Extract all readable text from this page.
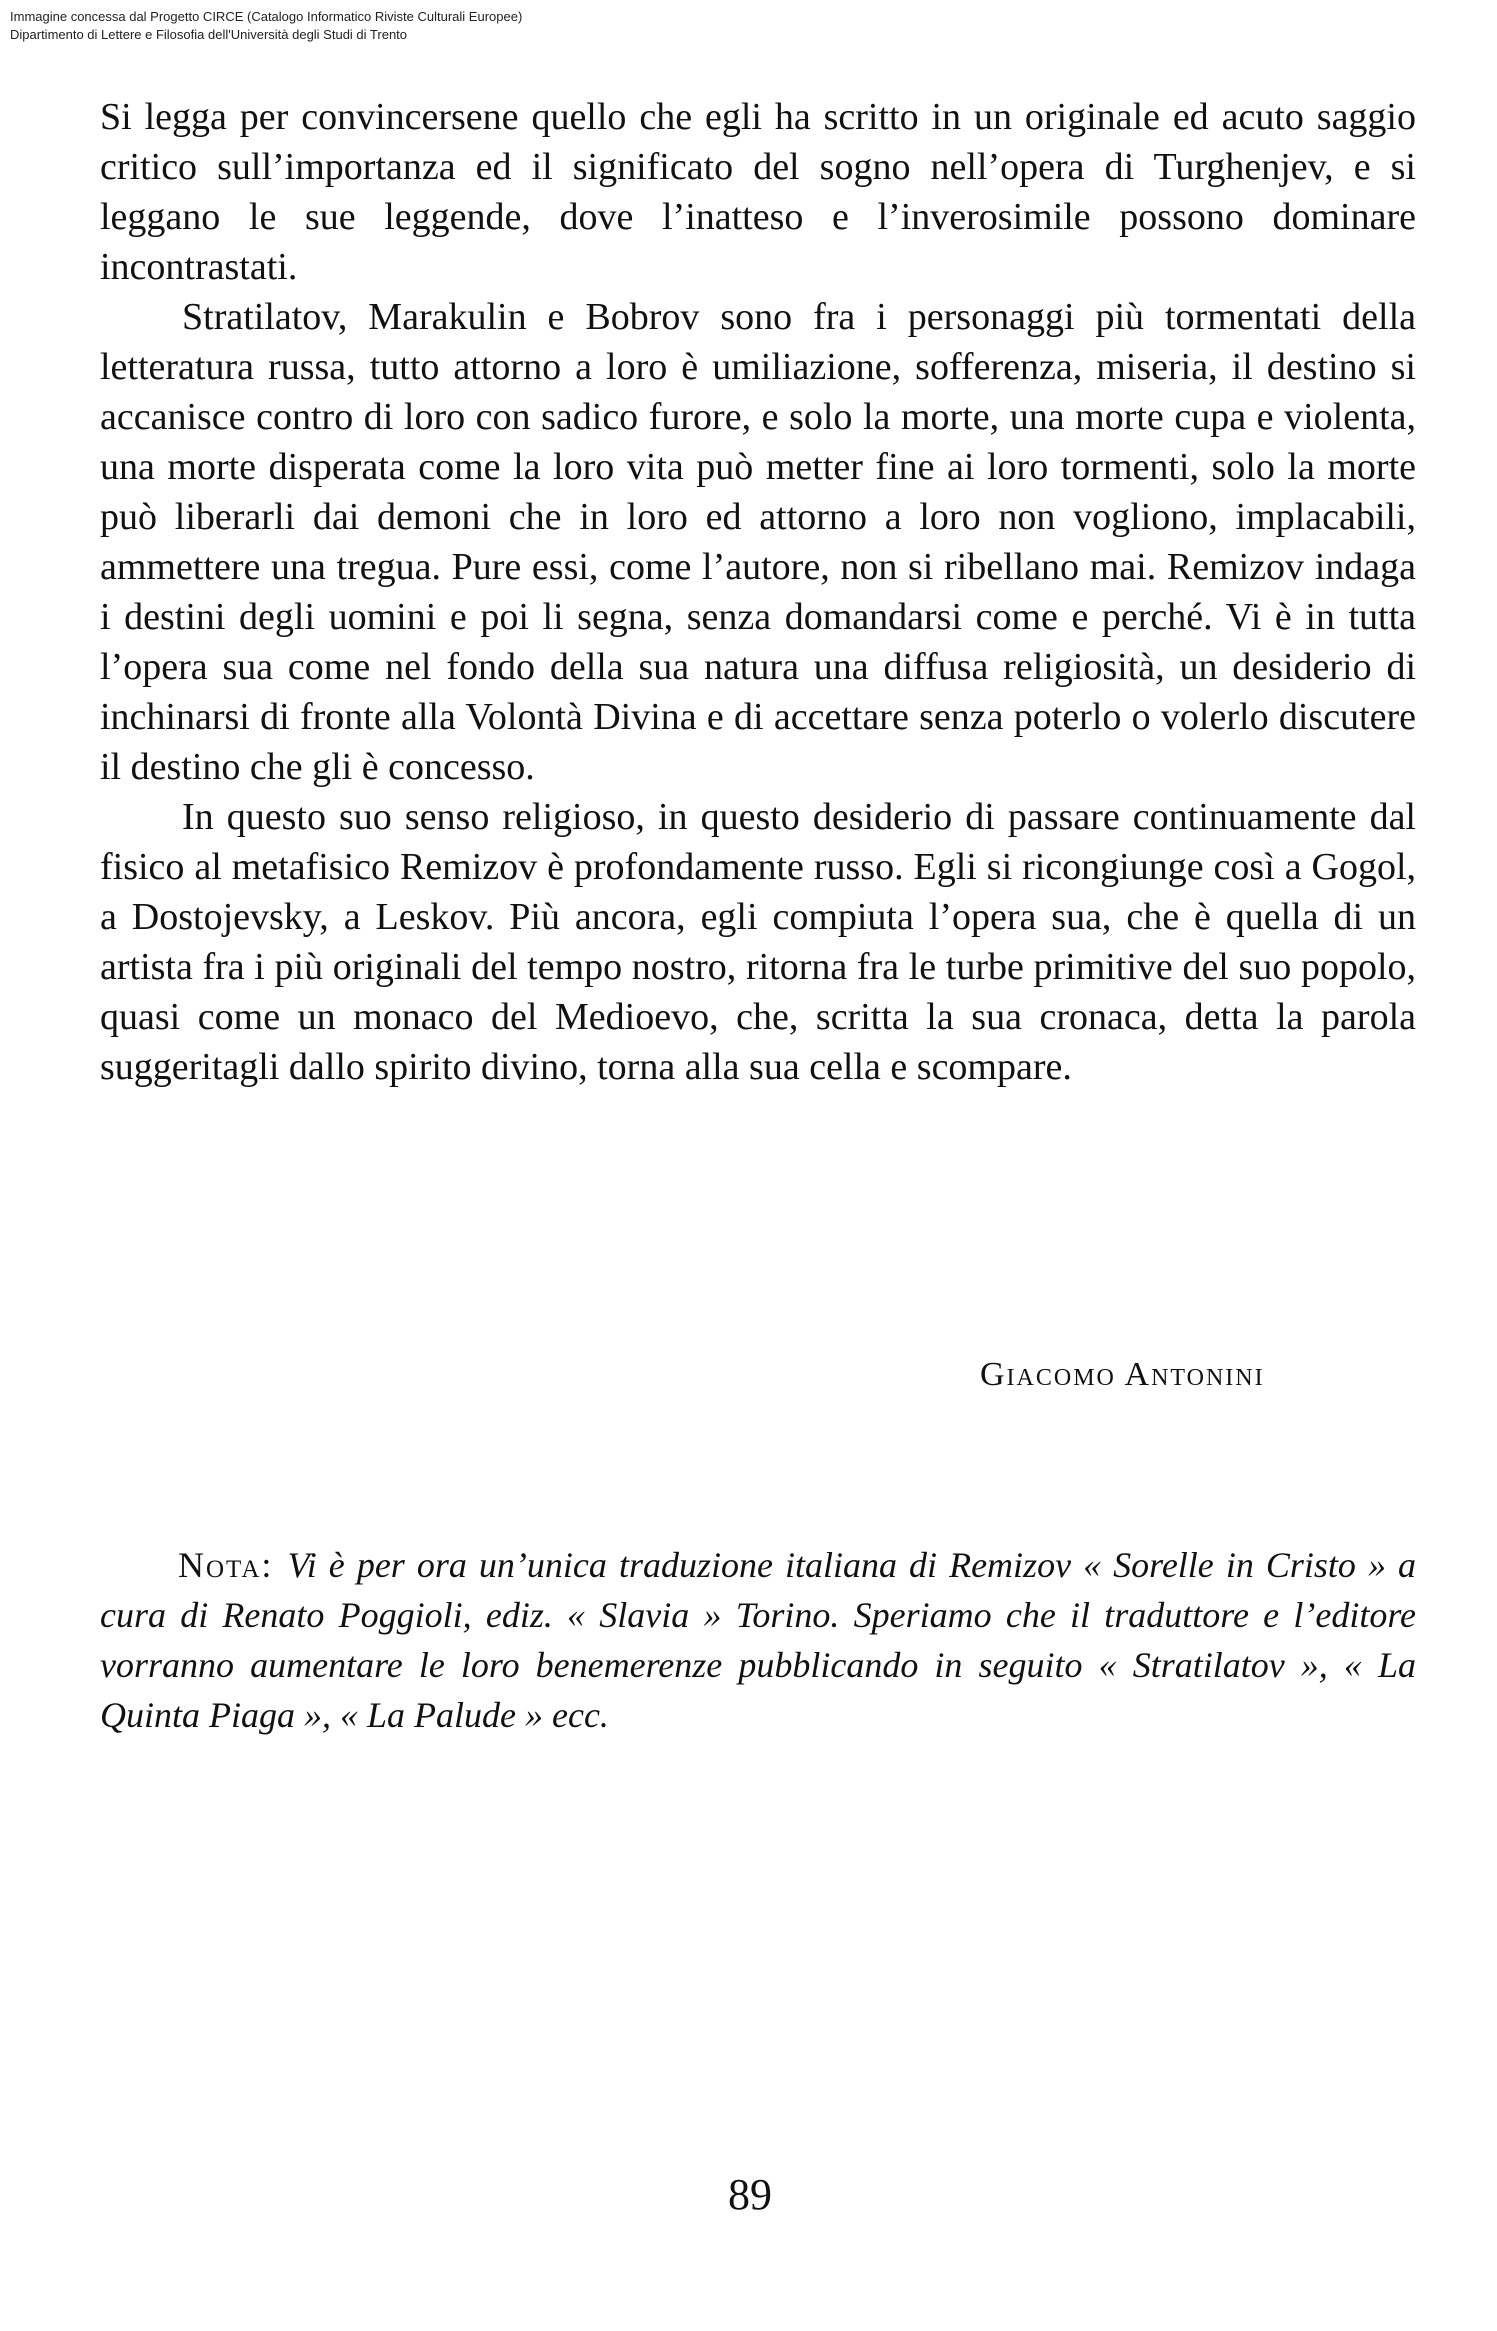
Immagine concessa dal Progetto CIRCE (Catalogo Informatico Riviste Culturali Europee)
Dipartimento di Lettere e Filosofia dell'Università degli Studi di Trento

Si legga per convincersene quello che egli ha scritto in un originale ed acuto saggio critico sull’importanza ed il significato del sogno nell’opera di Turghenjev, e si leggano le sue leggende, dove l’inatteso e l’inverosimile possono dominare incontrastati.

Stratilatov, Marakulin e Bobrov sono fra i personaggi più tormentati della letteratura russa, tutto attorno a loro è umiliazione, sofferenza, miseria, il destino si accanisce contro di loro con sadico furore, e solo la morte, una morte cupa e violenta, una morte disperata come la loro vita può metter fine ai loro tormenti, solo la morte può liberarli dai demoni che in loro ed attorno a loro non vogliono, implacabili, ammettere una tregua. Pure essi, come l’autore, non si ribellano mai. Remizov indaga i destini degli uomini e poi li segna, senza domandarsi come e perché. Vi è in tutta l’opera sua come nel fondo della sua natura una diffusa religiosità, un desiderio di inchinarsi di fronte alla Volontà Divina e di accettare senza poterlo o volerlo discutere il destino che gli è concesso.

In questo suo senso religioso, in questo desiderio di passare continuamente dal fisico al metafisico Remizov è profondamente russo. Egli si ricongiunge così a Gogol, a Dostojevsky, a Leskov. Più ancora, egli compiuta l’opera sua, che è quella di un artista fra i più originali del tempo nostro, ritorna fra le turbe primitive del suo popolo, quasi come un monaco del Medioevo, che, scritta la sua cronaca, detta la parola suggeritagli dallo spirito divino, torna alla sua cella e scompare.

Giacomo Antonini
Nota: Vi è per ora un’unica traduzione italiana di Remizov « Sorelle in Cristo » a cura di Renato Poggioli, ediz. « Slavia » Torino. Speriamo che il traduttore e l’editore vorranno aumentare le loro benemerenze pubblicando in seguito « Stratilatov », « La Quinta Piaga », « La Palude » ecc.
89
